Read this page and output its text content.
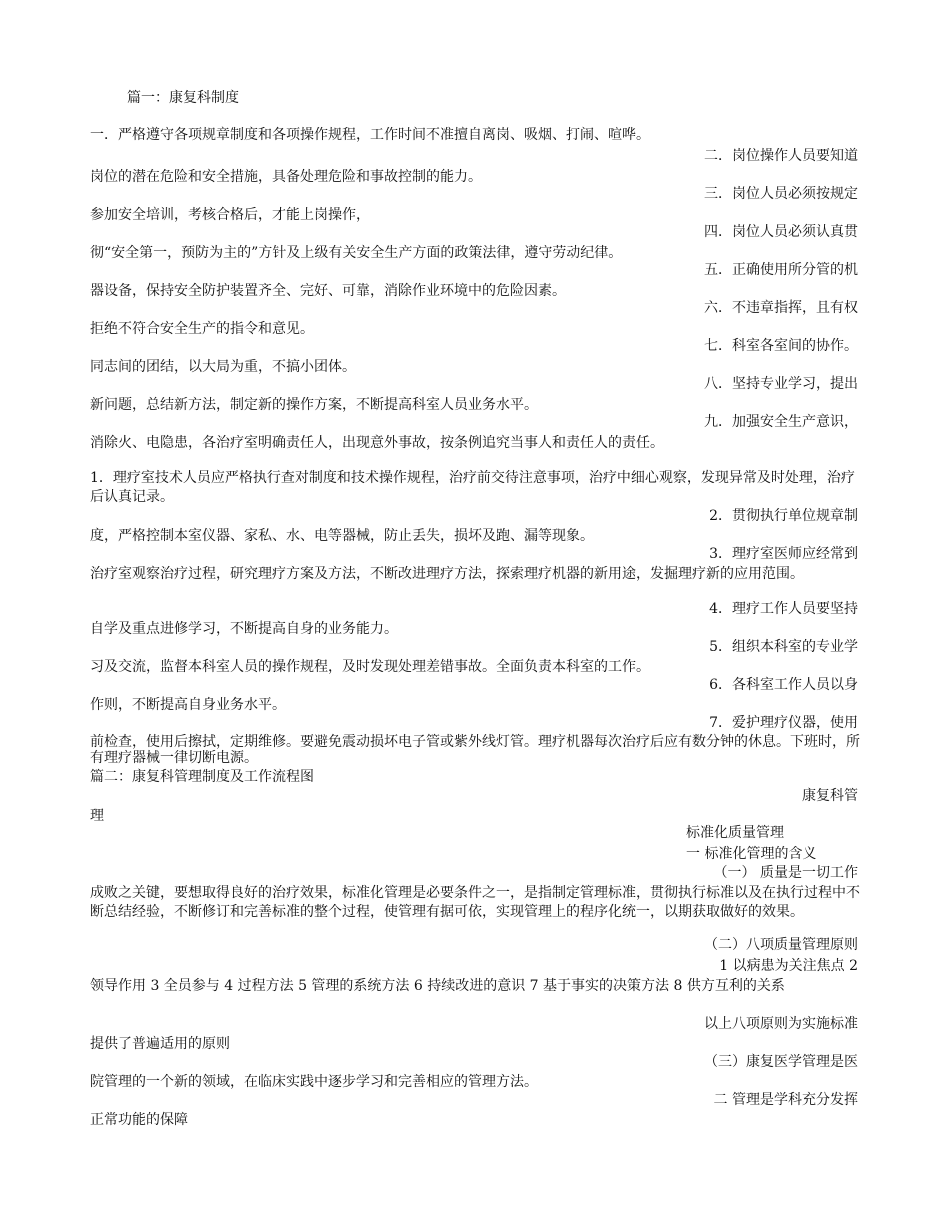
篇一：康复科制度
一．严格遵守各项规章制度和各项操作规程，工作时间不准擅自离岗、吸烟、打闹、喧哗。
二．岗位操作人员要知道
岗位的潜在危险和安全措施，具备处理危险和事故控制的能力。
三．岗位人员必须按规定
参加安全培训，考核合格后，才能上岗操作，
四．岗位人员必须认真贯
彻“安全第一，预防为主的”方针及上级有关安全生产方面的政策法律，遵守劳动纪律。
五．正确使用所分管的机
器设备，保持安全防护装置齐全、完好、可靠，消除作业环境中的危险因素。
六．不违章指挥，且有权
拒绝不符合安全生产的指令和意见。
七．科室各室间的协作。
同志间的团结，以大局为重，不搞小团体。
八．坚持专业学习，提出
新问题，总结新方法，制定新的操作方案，不断提高科室人员业务水平。
九．加强安全生产意识，
消除火、电隐患，各治疗室明确责任人，出现意外事故，按条例追究当事人和责任人的责任。
1．理疗室技术人员应严格执行查对制度和技术操作规程，治疗前交待注意事项，治疗中细心观察，发现异常及时处理，治疗后认真记录。
2．贯彻执行单位规章制
度，严格控制本室仪器、家私、水、电等器械，防止丢失，损坏及跑、漏等现象。
3．理疗室医师应经常到
治疗室观察治疗过程，研究理疗方案及方法，不断改进理疗方法，探索理疗机器的新用途，发掘理疗新的应用范围。
4．理疗工作人员要坚持
自学及重点进修学习，不断提高自身的业务能力。
5．组织本科室的专业学
习及交流，监督本科室人员的操作规程，及时发现处理差错事故。全面负责本科室的工作。
6．各科室工作人员以身
作则，不断提高自身业务水平。
7．爱护理疗仪器，使用
前检查，使用后擦拭，定期维修。要避免震动损坏电子管或紫外线灯管。理疗机器每次治疗后应有数分钟的休息。下班时，所有理疗器械一律切断电源。
篇二：康复科管理制度及工作流程图
康复科管
理
标准化质量管理
一 标准化管理的含义
（一） 质量是一切工作
成败之关键，要想取得良好的治疗效果，标准化管理是必要条件之一，是指制定管理标准，贯彻执行标准以及在执行过程中不断总结经验，不断修订和完善标准的整个过程，使管理有据可依，实现管理上的程序化统一，以期获取做好的效果。
（二）八项质量管理原则
1 以病患为关注焦点 2
领导作用 3 全员参与 4 过程方法 5 管理的系统方法 6 持续改进的意识 7 基于事实的决策方法 8 供方互利的关系
以上八项原则为实施标准
提供了普遍适用的原则
（三）康复医学管理是医
院管理的一个新的领域，在临床实践中逐步学习和完善相应的管理方法。
二 管理是学科充分发挥
正常功能的保障
